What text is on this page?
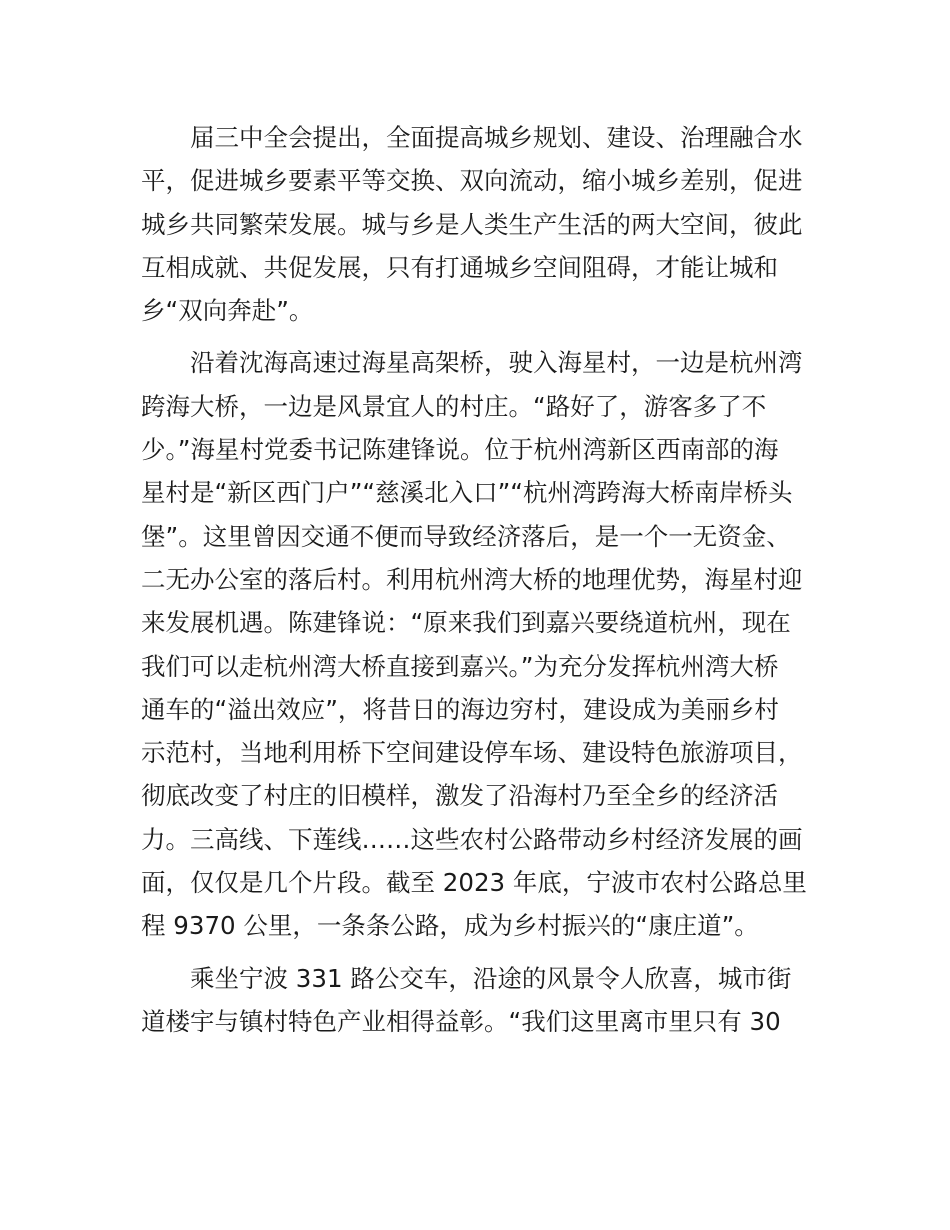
届三中全会提出，全面提高城乡规划、建设、治理融合水
平，促进城乡要素平等交换、双向流动，缩小城乡差别，促进
城乡共同繁荣发展。城与乡是人类生产生活的两大空间，彼此
互相成就、共促发展，只有打通城乡空间阻碍，才能让城和
乡“双向奔赴”。
沿着沈海高速过海星高架桥，驶入海星村，一边是杭州湾
跨海大桥，一边是风景宜人的村庄。“路好了，游客多了不
少。”海星村党委书记陈建锋说。位于杭州湾新区西南部的海
星村是“新区西门户”“慈溪北入口”“杭州湾跨海大桥南岸桥头
堡”。这里曾因交通不便而导致经济落后，是一个一无资金、
二无办公室的落后村。利用杭州湾大桥的地理优势，海星村迎
来发展机遇。陈建锋说：“原来我们到嘉兴要绕道杭州，现在
我们可以走杭州湾大桥直接到嘉兴。”为充分发挥杭州湾大桥
通车的“溢出效应”，将昔日的海边穷村，建设成为美丽乡村
示范村，当地利用桥下空间建设停车场、建设特色旅游项目，
彻底改变了村庄的旧模样，激发了沿海村乃至全乡的经济活
力。三高线、下莲线……这些农村公路带动乡村经济发展的画
面，仅仅是几个片段。截至 2023 年底，宁波市农村公路总里
程 9370 公里，一条条公路，成为乡村振兴的“康庄道”。
乘坐宁波 331 路公交车，沿途的风景令人欣喜，城市街
道楼宇与镇村特色产业相得益彰。“我们这里离市里只有 30
